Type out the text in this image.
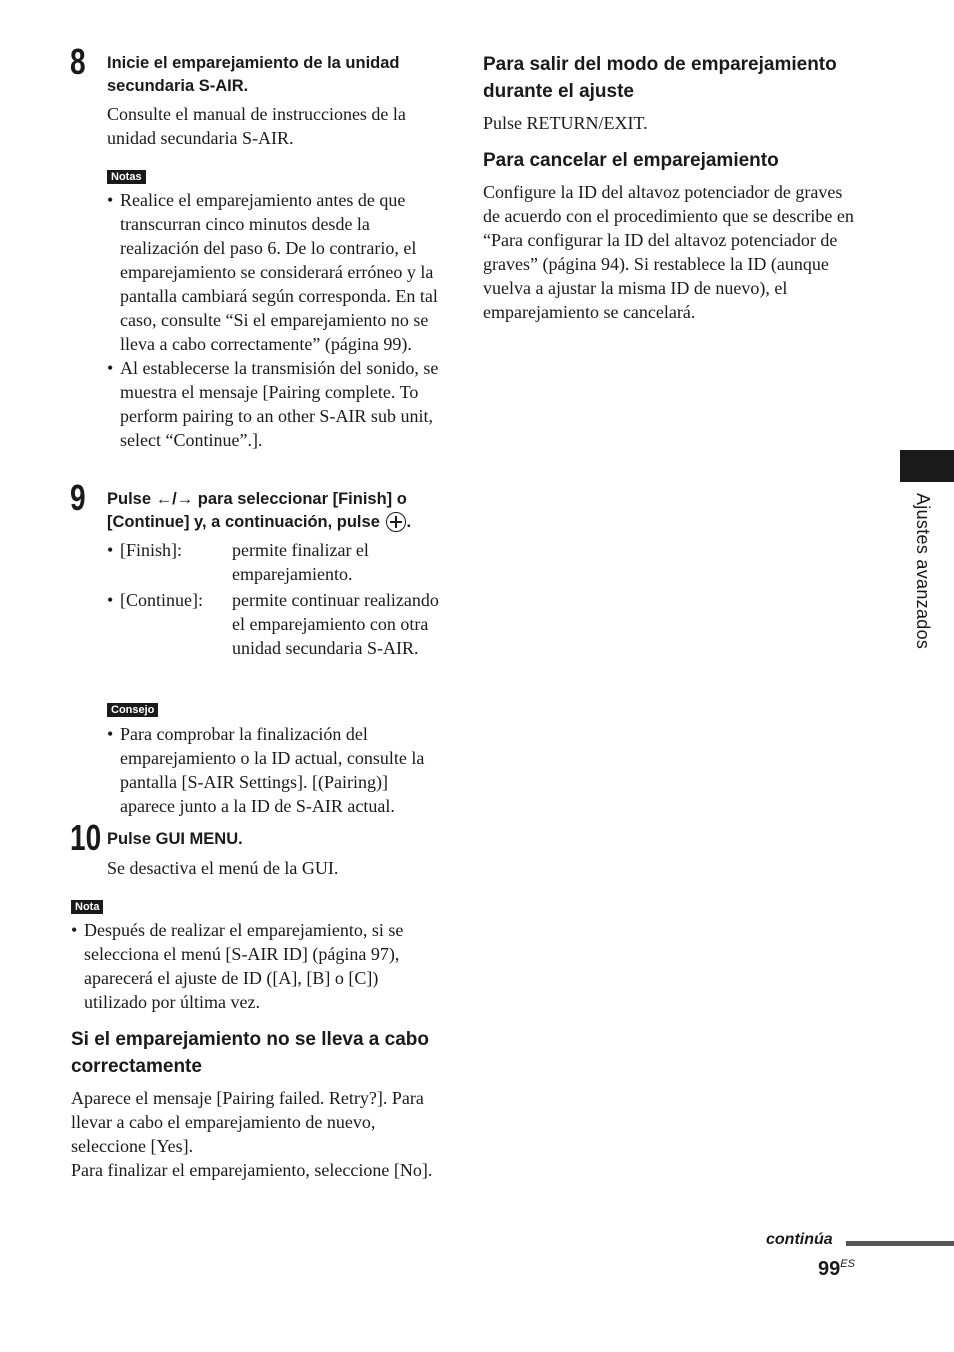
8 Inicie el emparejamiento de la unidad secundaria S-AIR.

Consulte el manual de instrucciones de la unidad secundaria S-AIR.

Notas
• Realice el emparejamiento antes de que transcurran cinco minutos desde la realización del paso 6. De lo contrario, el emparejamiento se considerará erróneo y la pantalla cambiará según corresponda. En tal caso, consulte “Si el emparejamiento no se lleva a cabo correctamente” (página 99).
• Al establecerse la transmisión del sonido, se muestra el mensaje [Pairing complete. To perform pairing to an other S-AIR sub unit, select “Continue”.].
9 Pulse ←/→ para seleccionar [Finish] o
[Continue] y, a continuación, pulse .
• [Finish]:	permite finalizar el emparejamiento.
• [Continue]:	permite continuar realizando el emparejamiento con otra unidad secundaria S-AIR.
Consejo
• Para comprobar la finalización del emparejamiento o la ID actual, consulte la pantalla [S-AIR Settings]. [(Pairing)] aparece junto a la ID de S-AIR actual.
10 Pulse GUI MENU.

Se desactiva el menú de la GUI.

Nota
• Después de realizar el emparejamiento, si se selecciona el menú [S-AIR ID] (página 97), aparecerá el ajuste de ID ([A], [B] o [C]) utilizado por última vez.
Si el emparejamiento no se lleva a cabo correctamente

Aparece el mensaje [Pairing failed. Retry?]. Para llevar a cabo el emparejamiento de nuevo, seleccione [Yes].

Para finalizar el emparejamiento, seleccione [No].

Para salir del modo de emparejamiento durante el ajuste

Pulse RETURN/EXIT.

Para cancelar el emparejamiento

Configure la ID del altavoz potenciador de graves de acuerdo con el procedimiento que se describe en “Para configurar la ID del altavoz potenciador de graves” (página 94). Si restablece la ID (aunque vuelva a ajustar la misma ID de nuevo), el emparejamiento se cancelará.

Ajustes avanzados
continúa
$99^{ES}$
